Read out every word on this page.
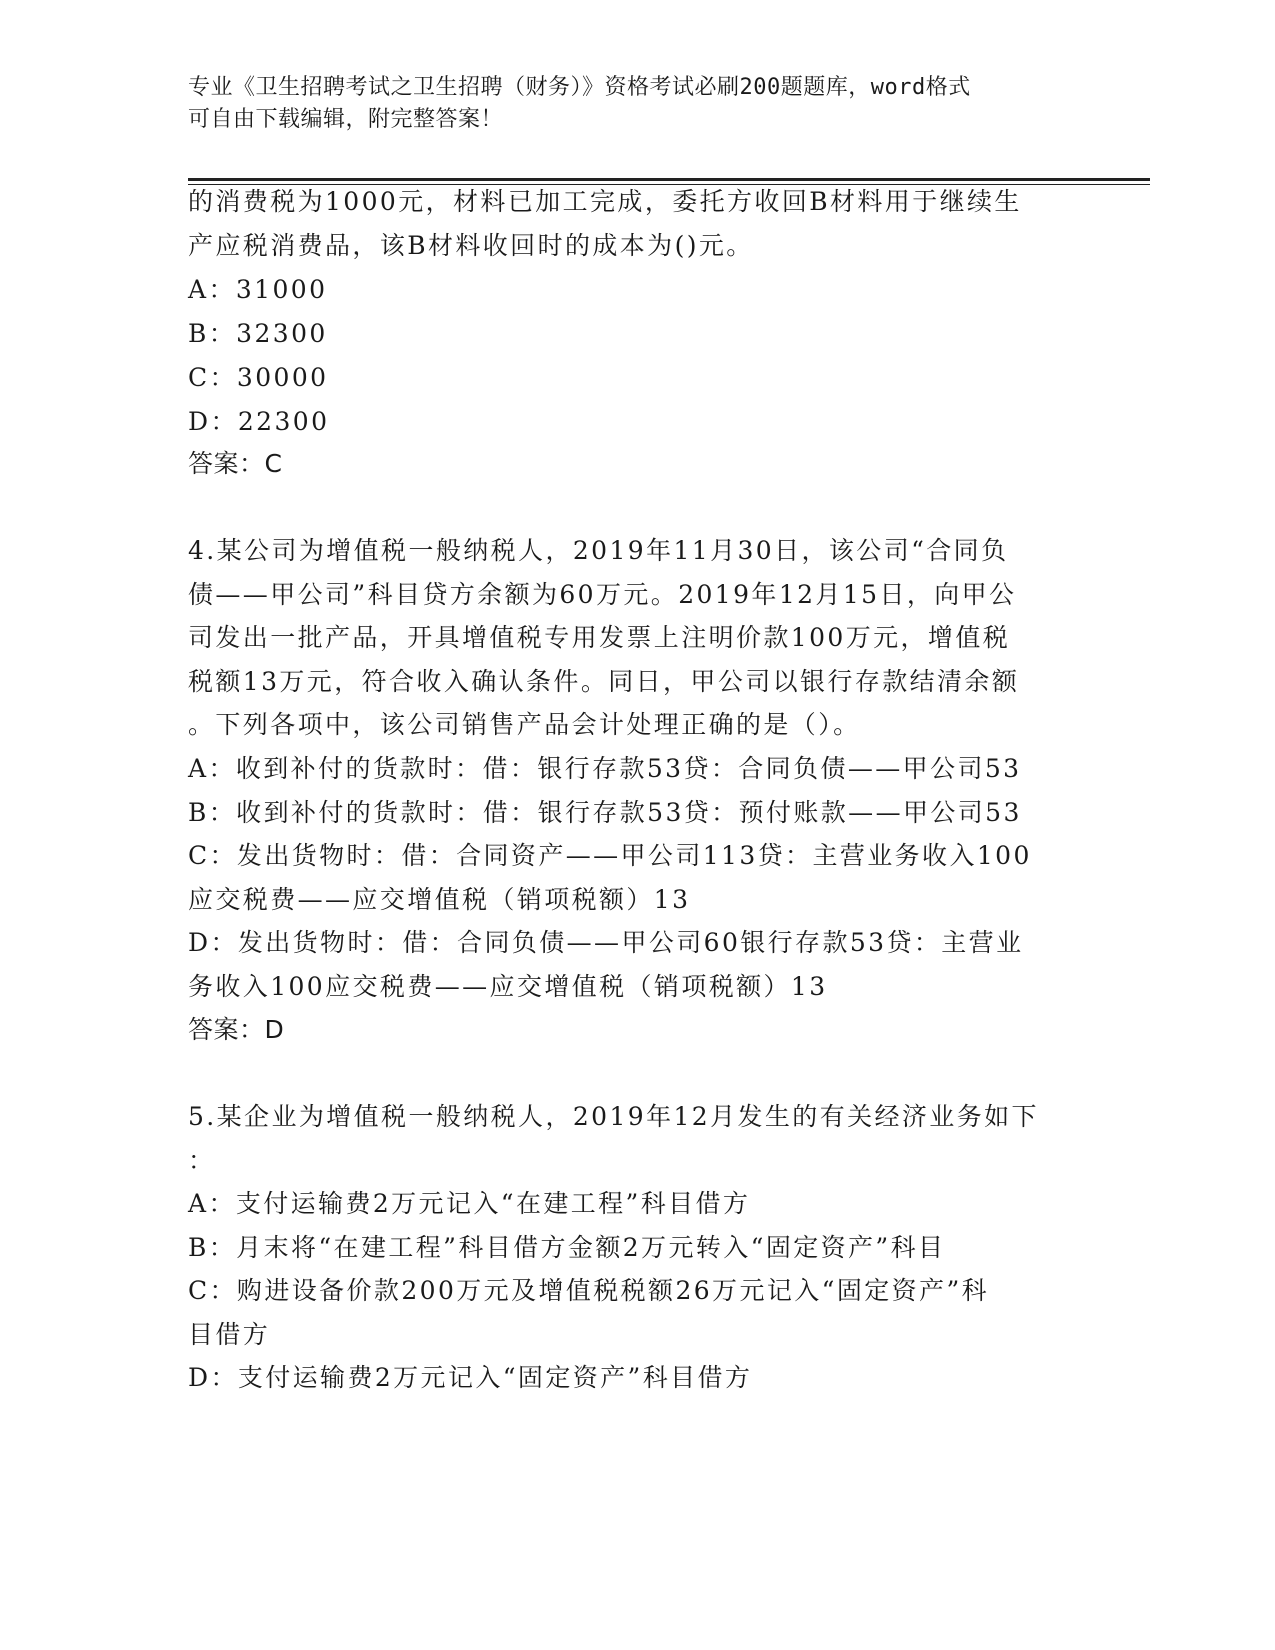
专业《卫生招聘考试之卫生招聘（财务）》资格考试必刷200题题库，word格式
可自由下载编辑，附完整答案！
的消费税为1000元，材料已加工完成，委托方收回B材料用于继续生
产应税消费品，该B材料收回时的成本为()元。
A：31000
B：32300
C：30000
D：22300
答案：C
4.某公司为增值税一般纳税人，2019年11月30日，该公司“合同负
债——甲公司”科目贷方余额为60万元。2019年12月15日，向甲公
司发出一批产品，开具增值税专用发票上注明价款100万元，增值税
税额13万元，符合收入确认条件。同日，甲公司以银行存款结清余额
。下列各项中，该公司销售产品会计处理正确的是（）。
A：收到补付的货款时：借：银行存款53贷：合同负债——甲公司53
B：收到补付的货款时：借：银行存款53贷：预付账款——甲公司53
C：发出货物时：借：合同资产——甲公司113贷：主营业务收入100
应交税费——应交增值税（销项税额）13
D：发出货物时：借：合同负债——甲公司60银行存款53贷：主营业
务收入100应交税费——应交增值税（销项税额）13
答案：D
5.某企业为增值税一般纳税人，2019年12月发生的有关经济业务如下
：
A：支付运输费2万元记入“在建工程”科目借方
B：月末将“在建工程”科目借方金额2万元转入“固定资产”科目
C：购进设备价款200万元及增值税税额26万元记入“固定资产”科
目借方
D：支付运输费2万元记入“固定资产”科目借方
